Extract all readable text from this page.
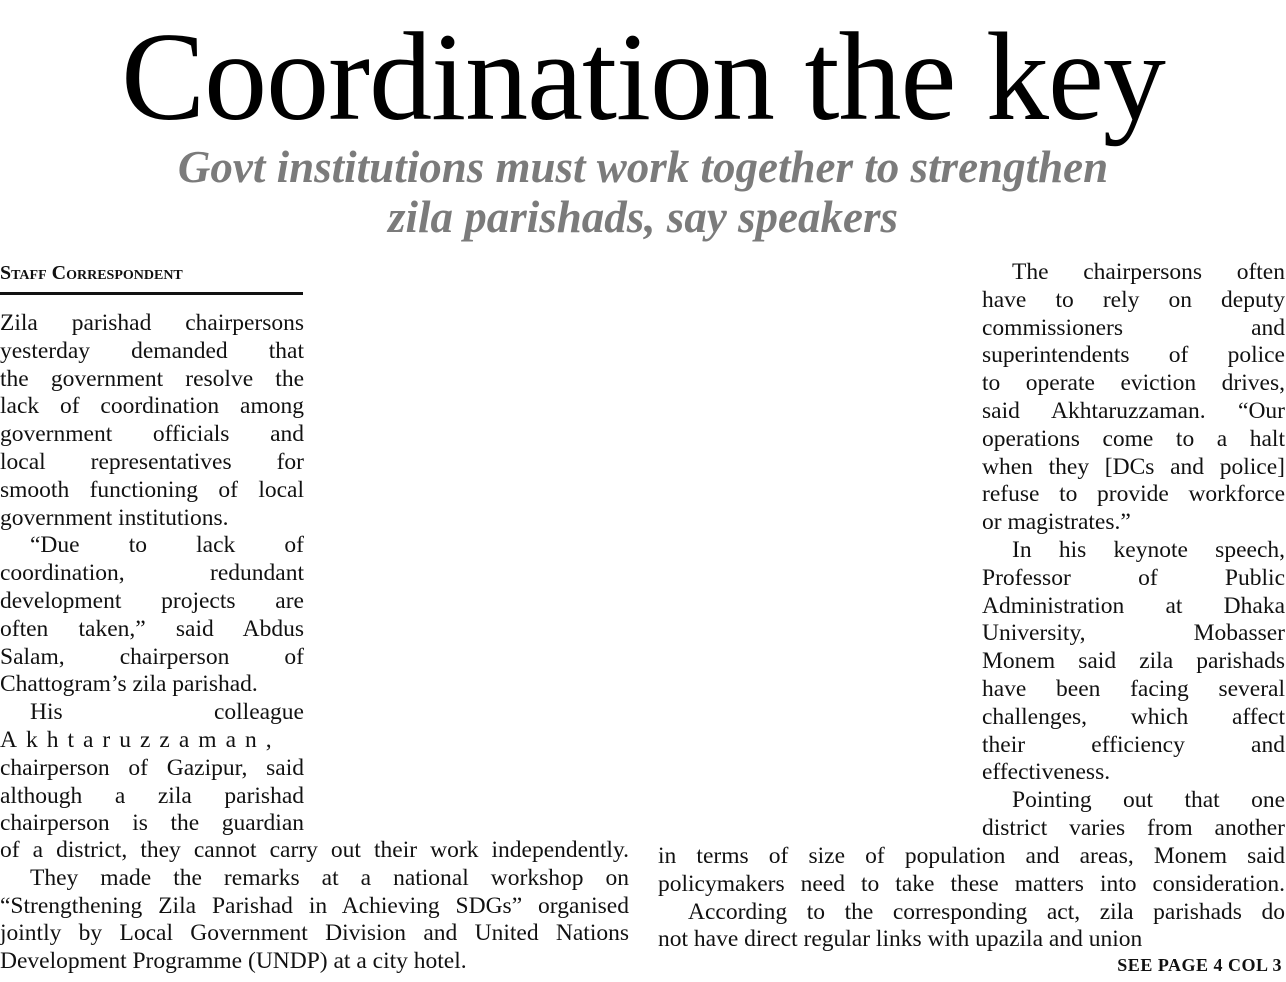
Coordination the key
Govt institutions must work together to strengthen
zila parishads, say speakers
Staff Correspondent
Zila parishad chairpersons
yesterday demanded that
the government resolve the
lack of coordination among
government officials and
local representatives for
smooth functioning of local
government institutions.
“Due to lack of
coordination, redundant
development projects are
often taken,” said Abdus
Salam, chairperson of
Chattogram’s zila parishad.
His colleague
Akhtaruzzaman,
chairperson of Gazipur, said
although a zila parishad
chairperson is the guardian
of a district, they cannot carry out their work independently.
They made the remarks at a national workshop on
“Strengthening Zila Parishad in Achieving SDGs” organised
jointly by Local Government Division and United Nations
Development Programme (UNDP) at a city hotel.
The chairpersons often
have to rely on deputy
commissioners and
superintendents of police
to operate eviction drives,
said Akhtaruzzaman. “Our
operations come to a halt
when they [DCs and police]
refuse to provide workforce
or magistrates.”
In his keynote speech,
Professor of Public
Administration at Dhaka
University, Mobasser
Monem said zila parishads
have been facing several
challenges, which affect
their efficiency and
effectiveness.
Pointing out that one
district varies from another
in terms of size of population and areas, Monem said
policymakers need to take these matters into consideration.
According to the corresponding act, zila parishads do
not have direct regular links with upazila and union
SEE PAGE 4 COL 3
